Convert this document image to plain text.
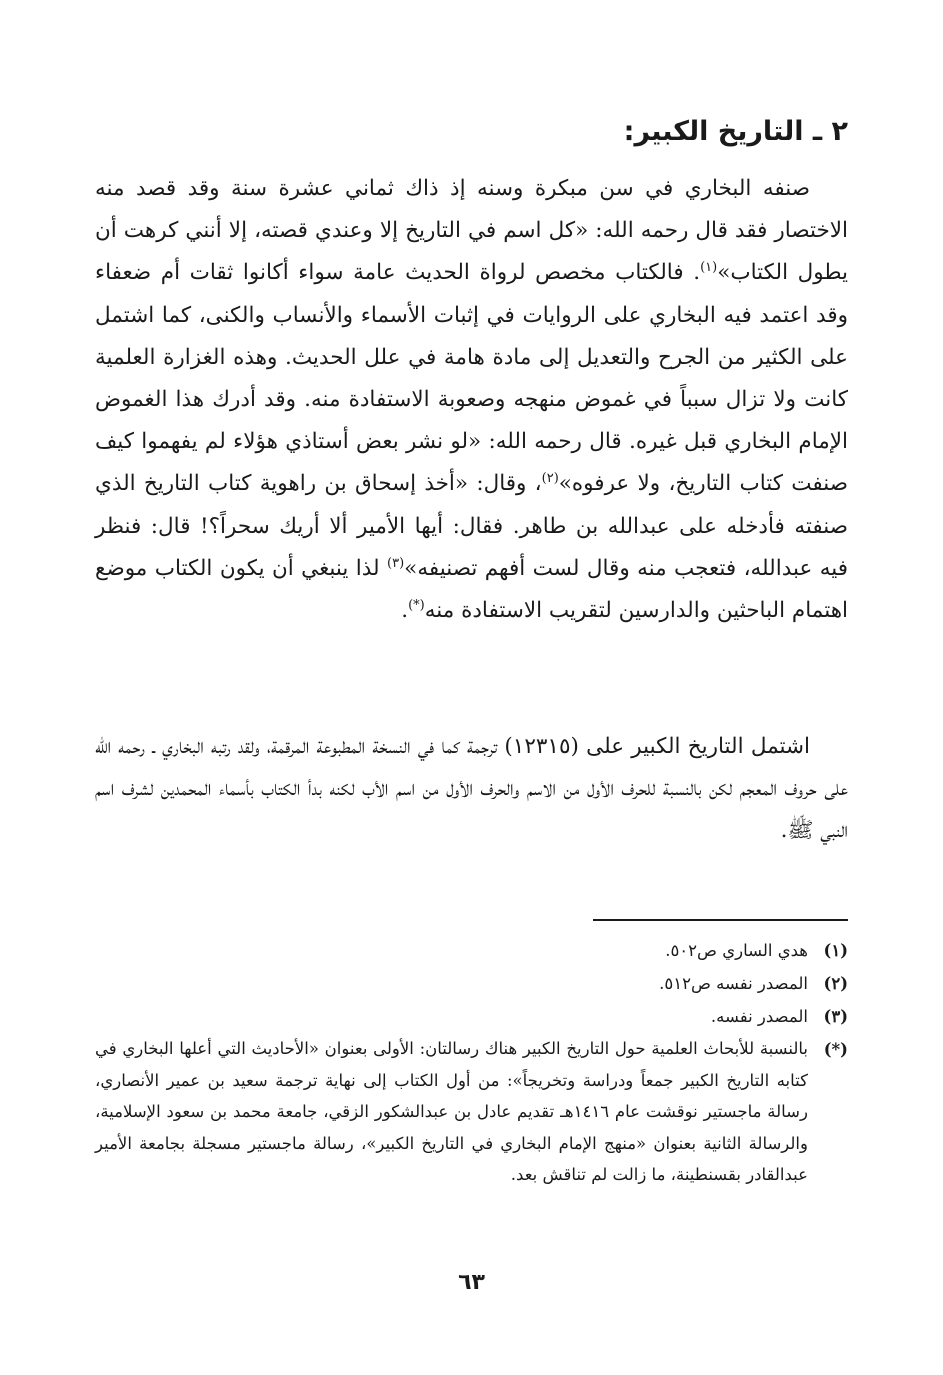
٢ ـ التاريخ الكبير:

صنفه البخاري في سن مبكرة وسنه إذ ذاك ثماني عشرة سنة وقد قصد منه الاختصار فقد قال رحمه الله: «كل اسم في التاريخ إلا وعندي قصته، إلا أنني كرهت أن يطول الكتاب»$^{(١)}$. فالكتاب مخصص لرواة الحديث عامة سواء أكانوا ثقات أم ضعفاء وقد اعتمد فيه البخاري على الروايات في إثبات الأسماء والأنساب والكنى، كما اشتمل على الكثير من الجرح والتعديل إلى مادة هامة في علل الحديث. وهذه الغزارة العلمية كانت ولا تزال سبباً في غموض منهجه وصعوبة الاستفادة منه. وقد أدرك هذا الغموض الإمام البخاري قبل غيره. قال رحمه الله: «لو نشر بعض أستاذي هؤلاء لم يفهموا كيف صنفت كتاب التاريخ، ولا عرفوه»$^{(٢)}$، وقال: «أخذ إسحاق بن راهوية كتاب التاريخ الذي صنفته فأدخله على عبدالله بن طاهر. فقال: أيها الأمير ألا أريك سحراً؟! قال: فنظر فيه عبدالله، فتعجب منه وقال لست أفهم تصنيفه»$^{(٣)}$ لذا ينبغي أن يكون الكتاب موضع اهتمام الباحثين والدارسين لتقريب الاستفادة منه(*).

اشتمل التاريخ الكبير على (١٢٣١٥) ترجمة كما في النسخة المطبوعة المرقمة، ولقد رتبه البخاري ـ رحمه الله على حروف المعجم لكن بالنسبة للحرف الأول من الاسم والحرف الأول من اسم الأب لكنه بدأ الكتاب بأسماء المحمدين لشرف اسم النبي ﷺ.

(١)
هدي الساري ص٥٠٢.
(٢)
المصدر نفسه ص٥١٢.
(٣)
المصدر نفسه.
(*)
بالنسبة للأبحاث العلمية حول التاريخ الكبير هناك رسالتان: الأولى بعنوان «الأحاديث التي أعلها البخاري في كتابه التاريخ الكبير جمعاً ودراسة وتخريجاً»: من أول الكتاب إلى نهاية ترجمة سعيد بن عمير الأنصاري، رسالة ماجستير نوقشت عام ١٤١٦هـ تقديم عادل بن عبدالشكور الزقي، جامعة محمد بن سعود الإسلامية، والرسالة الثانية بعنوان «منهج الإمام البخاري في التاريخ الكبير»، رسالة ماجستير مسجلة بجامعة الأمير عبدالقادر بقسنطينة، ما زالت لم تناقش بعد.
٦٣
